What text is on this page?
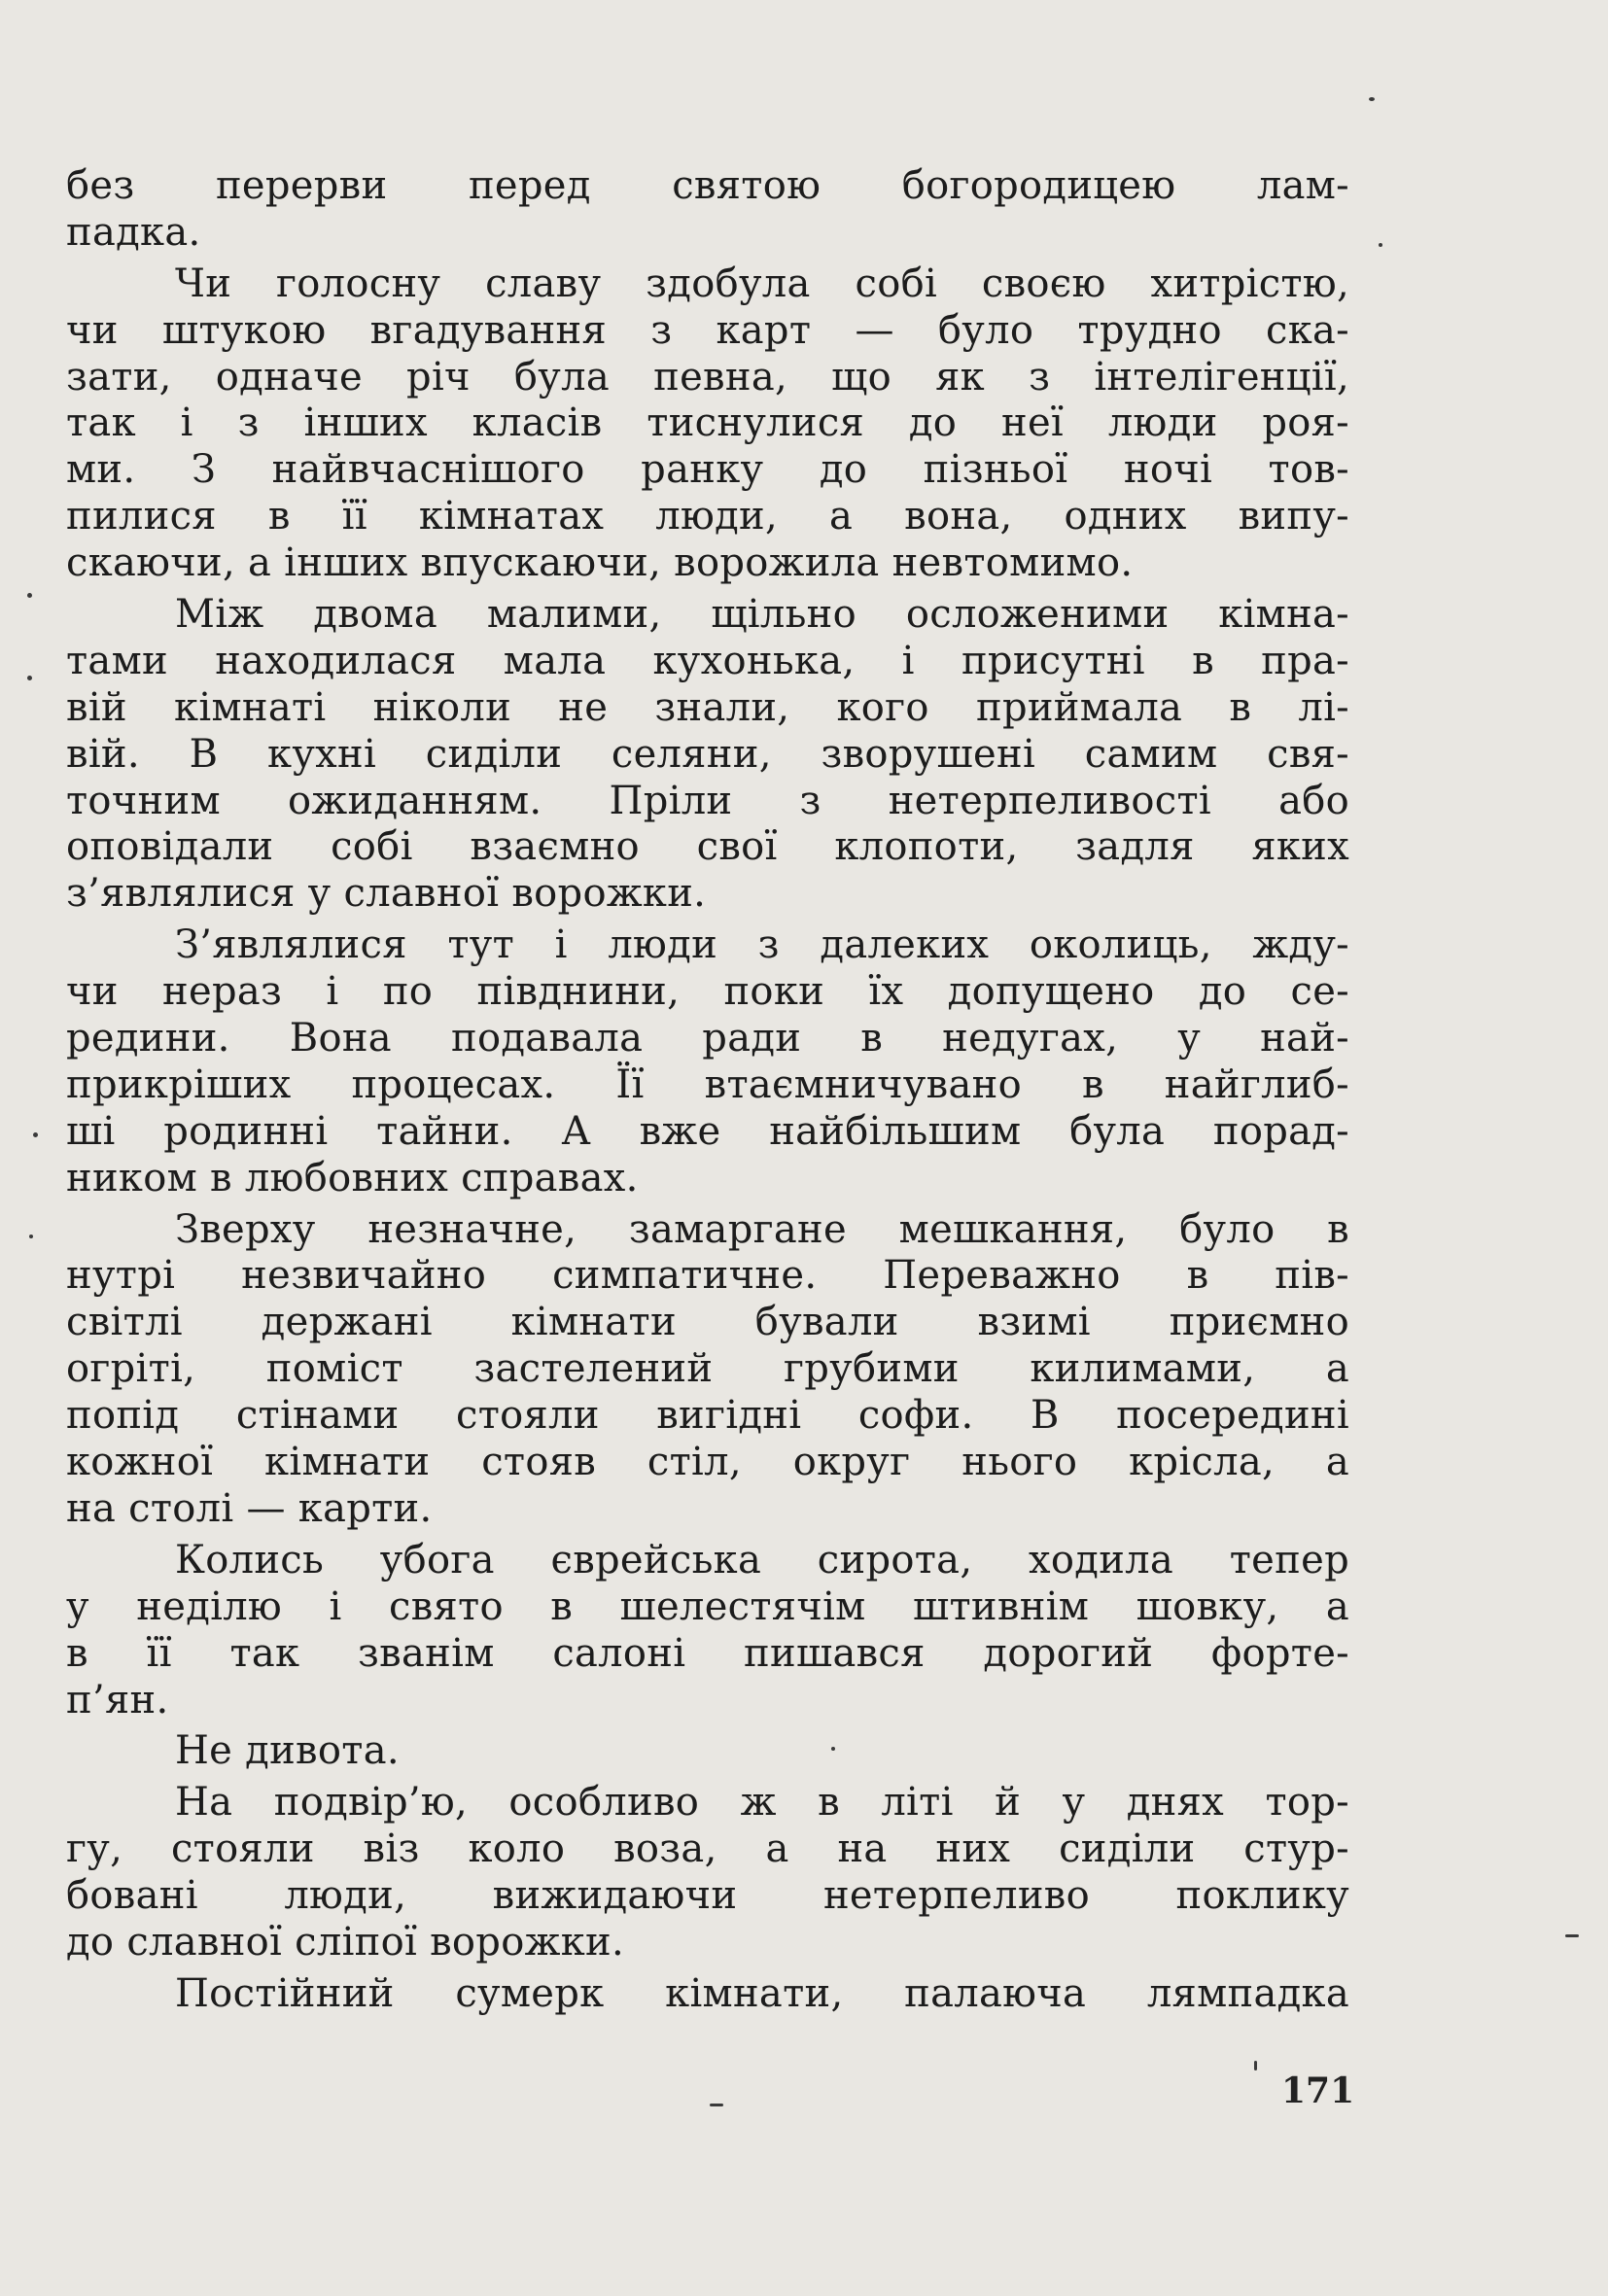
без перерви перед святою богородицею лам-
падка.
Чи голосну славу здобула собі своєю хитрістю,
чи штукою вгадування з карт — було трудно ска-
зати, одначе річ була певна, що як з інтелігенції,
так і з інших класів тиснулися до неї люди роя-
ми. З найвчаснішого ранку до пізньої ночі тов-
пилися в її кімнатах люди, а вона, одних випу-
скаючи, а інших впускаючи, ворожила невтомимо.
Між двома малими, щільно осложеними кімна-
тами находилася мала кухонька, і присутні в пра-
вій кімнаті ніколи не знали, кого приймала в лі-
вій. В кухні сиділи селяни, зворушені самим свя-
точним ожиданням. Пріли з нетерпеливості або
оповідали собі взаємно свої клопоти, задля яких
з’являлися у славної ворожки.
З’являлися тут і люди з далеких околиць, жду-
чи нераз і по півднини, поки їх допущено до се-
редини. Вона подавала ради в недугах, у най-
прикріших процесах. Її втаємничувано в найглиб-
ші родинні тайни. А вже найбільшим була порад-
ником в любовних справах.
Зверху незначне, замаргане мешкання, було в
нутрі незвичайно симпатичне. Переважно в пів-
світлі держані кімнати бували взимі приємно
огріті, поміст застелений грубими килимами, а
попід стінами стояли вигідні софи. В посередині
кожної кімнати стояв стіл, округ нього крісла, а
на столі — карти.
Колись убога єврейська сирота, ходила тепер
у неділю і свято в шелестячім штивнім шовку, а
в її так званім салоні пишався дорогий форте-
п’ян.
Не дивота.
На подвір’ю, особливо ж в літі й у днях тор-
гу, стояли віз коло воза, а на них сиділи стур-
бовані люди, вижидаючи нетерпеливо поклику
до славної сліпої ворожки.
Постійний сумерк кімнати, палаюча лямпадка
171
